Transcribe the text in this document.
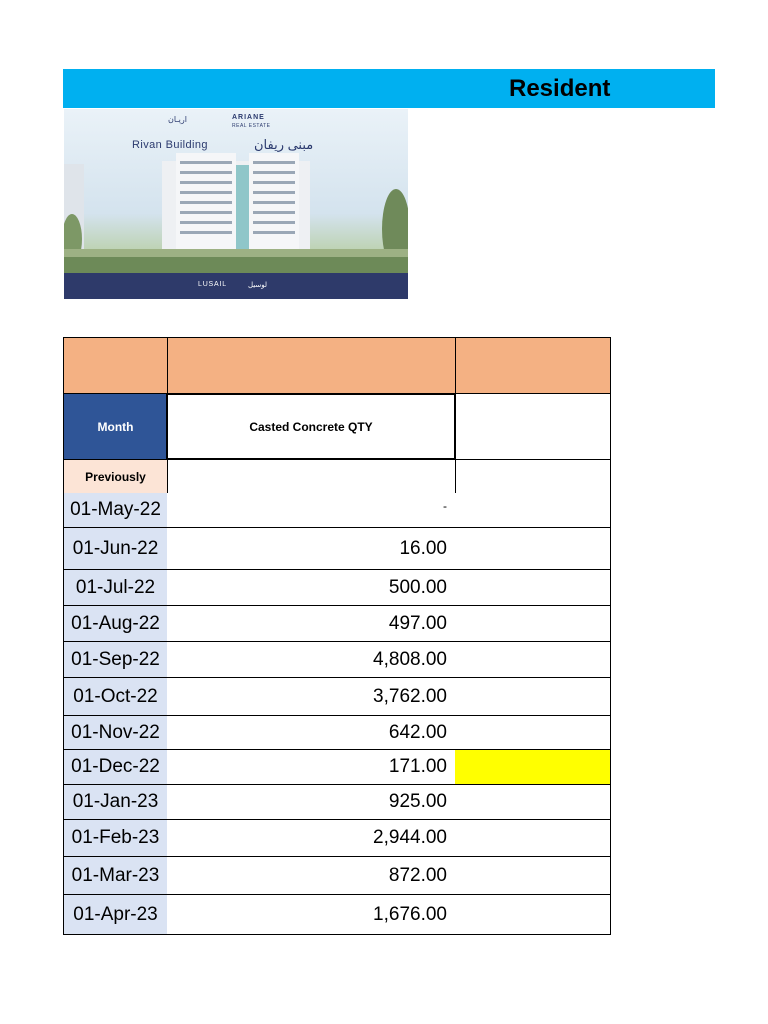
Resident
اريـان	ARIANE
REAL ESTATE
Rivan Building	مبنى ريفان
LUSAIL	لوسيل
Month	Casted Concrete QTY
Previously
01-May-22	-
01-Jun-22	16.00
01-Jul-22	500.00
01-Aug-22	497.00
01-Sep-22	4,808.00
01-Oct-22	3,762.00
01-Nov-22	642.00
01-Dec-22	171.00
01-Jan-23	925.00
01-Feb-23	2,944.00
01-Mar-23	872.00
01-Apr-23	1,676.00
